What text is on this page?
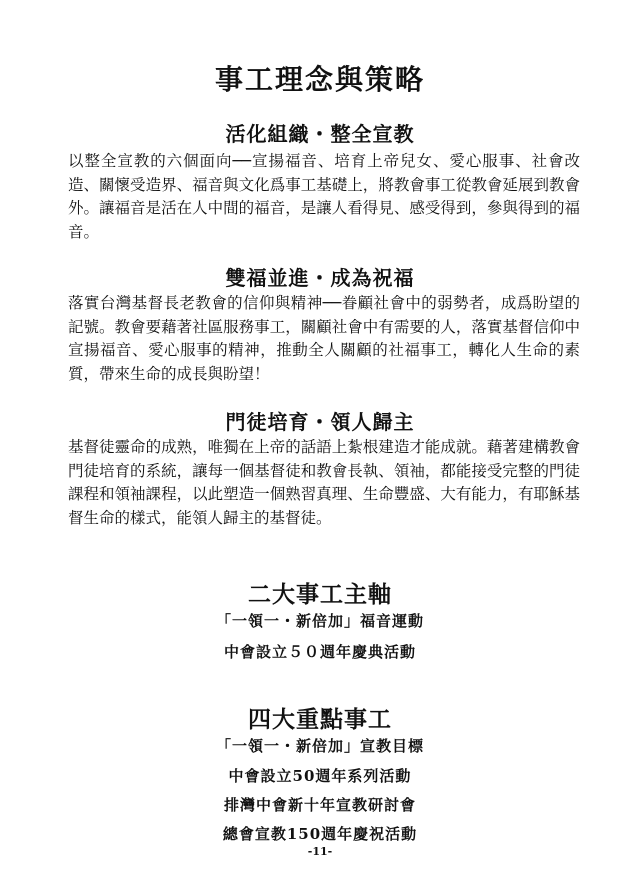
事工理念與策略
活化組織・整全宣教
以整全宣教的六個面向──宣揚福音、培育上帝兒女、愛心服事、社會改造、關懷受造界、福音與文化爲事工基礎上，將教會事工從教會延展到教會外。讓福音是活在人中間的福音，是讓人看得見、感受得到，參與得到的福音。
雙福並進・成為祝福
落實台灣基督長老教會的信仰與精神──眷顧社會中的弱勢者，成爲盼望的記號。教會要藉著社區服務事工，關顧社會中有需要的人，落實基督信仰中宣揚福音、愛心服事的精神，推動全人關顧的社福事工，轉化人生命的素質，帶來生命的成長與盼望！
門徒培育・領人歸主
基督徒靈命的成熟，唯獨在上帝的話語上紮根建造才能成就。藉著建構教會門徒培育的系統，讓每一個基督徒和教會長執、領袖，都能接受完整的門徒課程和領袖課程，以此塑造一個熟習真理、生命豐盛、大有能力，有耶穌基督生命的樣式，能領人歸主的基督徒。
二大事工主軸
「一領一・新倍加」福音運動
中會設立５０週年慶典活動
四大重點事工
「一領一・新倍加」宣教目標
中會設立50週年系列活動
排灣中會新十年宣教研討會
總會宣教150週年慶祝活動
-11-
